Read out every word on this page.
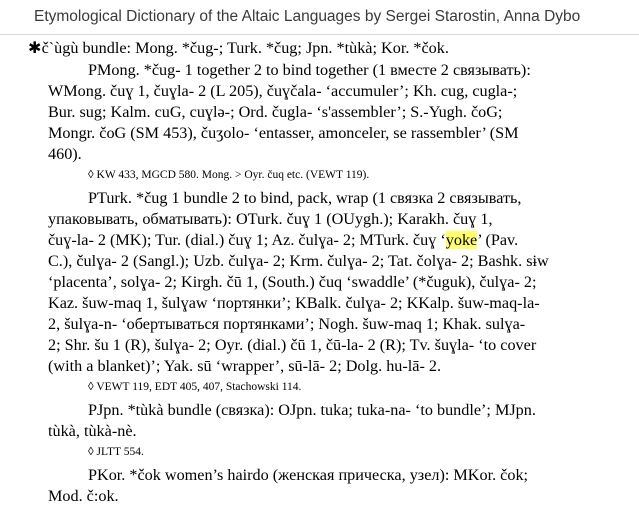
Etymological Dictionary of the Altaic Languages by Sergei Starostin, Anna Dybo
✱č`ùgù bundle: Mong. *čug-; Turk. *čug; Jpn. *tùkà; Kor. *čok.
PMong. *čug- 1 together 2 to bind together (1 вместе 2 связывать):
WMong. čuɣ 1, čuɣla- 2 (L 205), čuɣčala- ‘accumuler’; Kh. cug, cugla-;
Bur. sug; Kalm. cuG, cuɣlə-; Ord. čugla- ‘s'assembler’; S.-Yugh. čoG;
Mongr. čoG (SM 453), čuʒolo- ‘entasser, amonceler, se rassembler’ (SM
460).
◊ KW 433, MGCD 580. Mong. > Oyr. čuq etc. (VEWT 119).
PTurk. *čug 1 bundle 2 to bind, pack, wrap (1 связка 2 связывать,
упаковывать, обматывать): OTurk. čuɣ 1 (OUygh.); Karakh. čuɣ 1,
čuɣ-la- 2 (MK); Tur. (dial.) čuɣ 1; Az. čulɣa- 2; MTurk. čuɣ ‘yoke’ (Pav.
C.), čulɣa- 2 (Sangl.); Uzb. čulɣa- 2; Krm. čulɣa- 2; Tat. čolɣa- 2; Bashk. sɨw
‘placenta’, solɣa- 2; Kirgh. čū 1, (South.) čuq ‘swaddle’ (*čuguk), čulɣa- 2;
Kaz. šuw-maq 1, šulɣaw ‘портянки’; KBalk. čulɣa- 2; KKalp. šuw-maq-la-
2, šulɣa-n- ‘обертываться портянками’; Nogh. šuw-maq 1; Khak. sulɣa-
2; Shr. šu 1 (R), šulɣa- 2; Oyr. (dial.) čū 1, čū-la- 2 (R); Tv. šuɣla- ‘to cover
(with a blanket)’; Yak. sū ‘wrapper’, sū-lā- 2; Dolg. hu-lā- 2.
◊ VEWT 119, EDT 405, 407, Stachowski 114.
PJpn. *tùkà bundle (связка): OJpn. tuka; tuka-na- ‘to bundle’; MJpn.
tùkà, tùkà-nè.
◊ JLTT 554.
PKor. *čok women’s hairdo (женская прическа, узел): MKor. čok;
Mod. č:ok.
